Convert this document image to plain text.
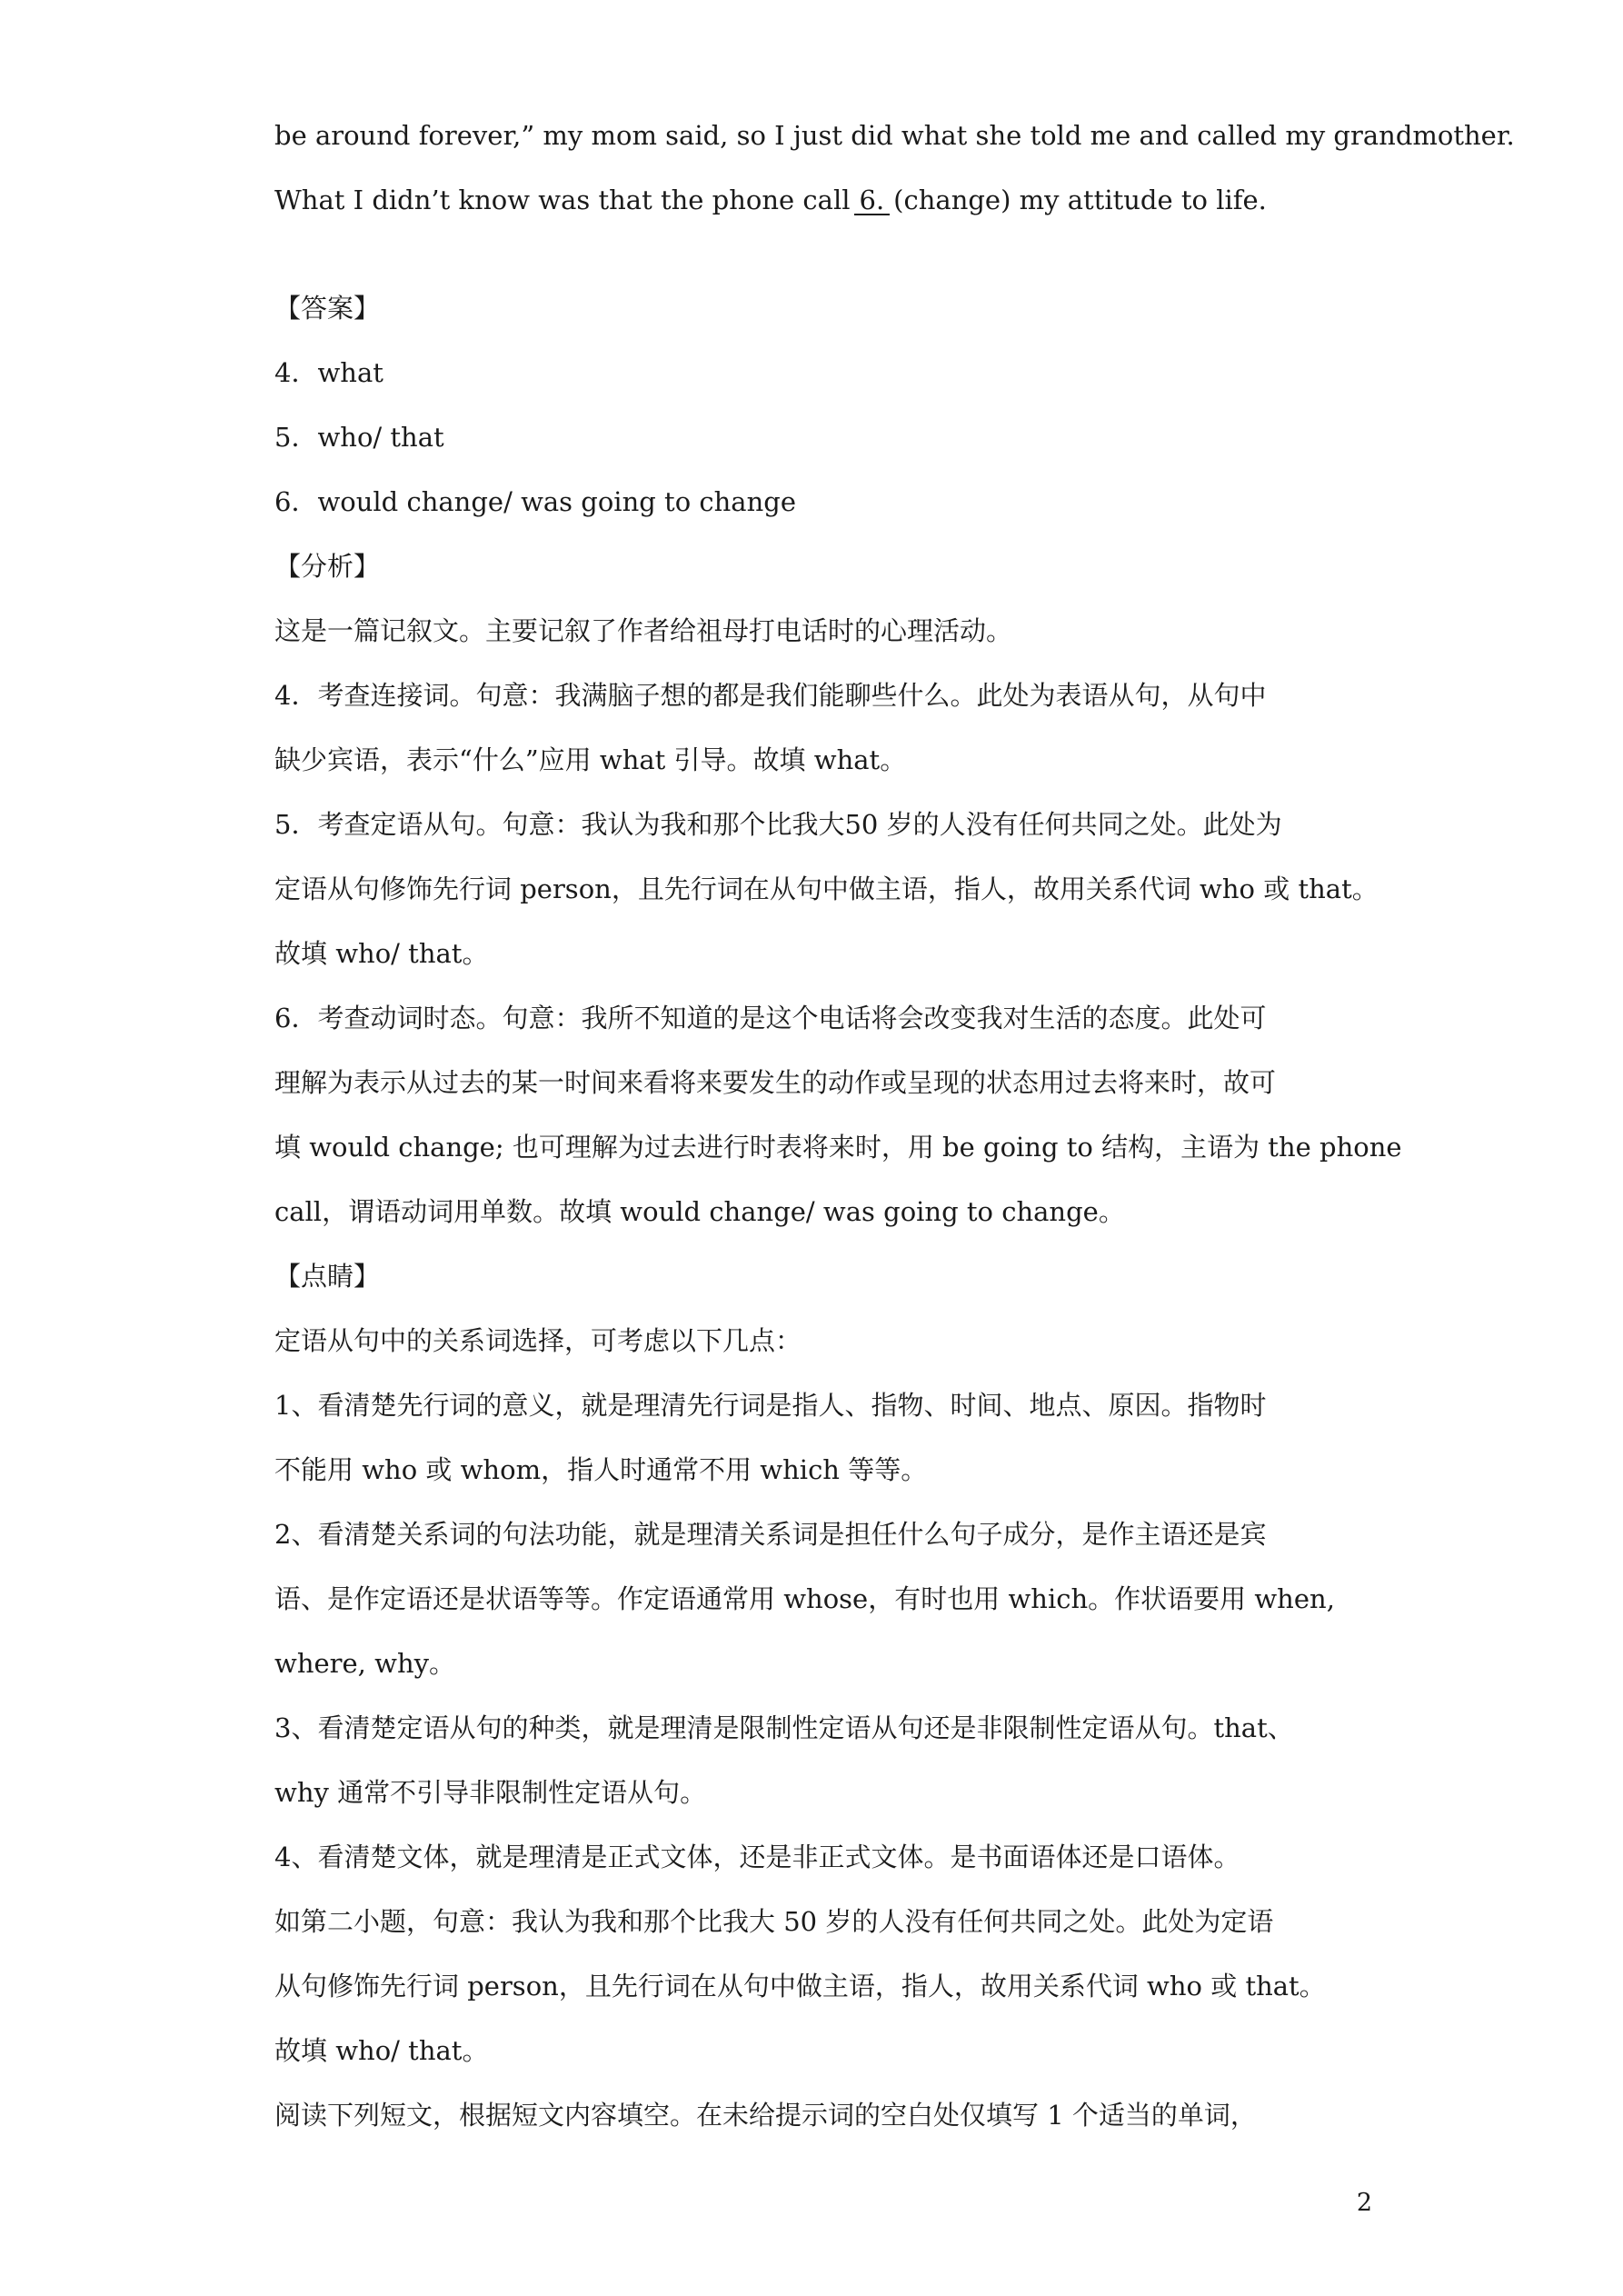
be around forever,” my mom said, so I just did what she told me and called my grandmother.
What I didn’t know was that the phone call 6. (change) my attitude to life.
【答案】
4．what
5．who/ that
6．would change/ was going to change
【分析】
这是一篇记叙文。主要记叙了作者给祖母打电话时的心理活动。
4．考查连接词。句意：我满脑子想的都是我们能聊些什么。此处为表语从句，从句中
缺少宾语，表示“什么”应用 what 引导。故填 what。
5．考查定语从句。句意：我认为我和那个比我大50 岁的人没有任何共同之处。此处为
定语从句修饰先行词 person，且先行词在从句中做主语，指人，故用关系代词 who 或 that。
故填 who/ that。
6．考查动词时态。句意：我所不知道的是这个电话将会改变我对生活的态度。此处可
理解为表示从过去的某一时间来看将来要发生的动作或呈现的状态用过去将来时，故可
填 would change; 也可理解为过去进行时表将来时，用 be going to 结构，主语为 the phone
call，谓语动词用单数。故填 would change/ was going to change。
【点睛】
定语从句中的关系词选择，可考虑以下几点：
1、看清楚先行词的意义，就是理清先行词是指人、指物、时间、地点、原因。指物时
不能用 who 或 whom，指人时通常不用 which 等等。
2、看清楚关系词的句法功能，就是理清关系词是担任什么句子成分，是作主语还是宾
语、是作定语还是状语等等。作定语通常用 whose，有时也用 which。作状语要用 when,
where, why。
3、看清楚定语从句的种类，就是理清是限制性定语从句还是非限制性定语从句。that、
why 通常不引导非限制性定语从句。
4、看清楚文体，就是理清是正式文体，还是非正式文体。是书面语体还是口语体。
如第二小题，句意：我认为我和那个比我大 50 岁的人没有任何共同之处。此处为定语
从句修饰先行词 person，且先行词在从句中做主语，指人，故用关系代词 who 或 that。
故填 who/ that。
阅读下列短文，根据短文内容填空。在未给提示词的空白处仅填写 1 个适当的单词，
2
